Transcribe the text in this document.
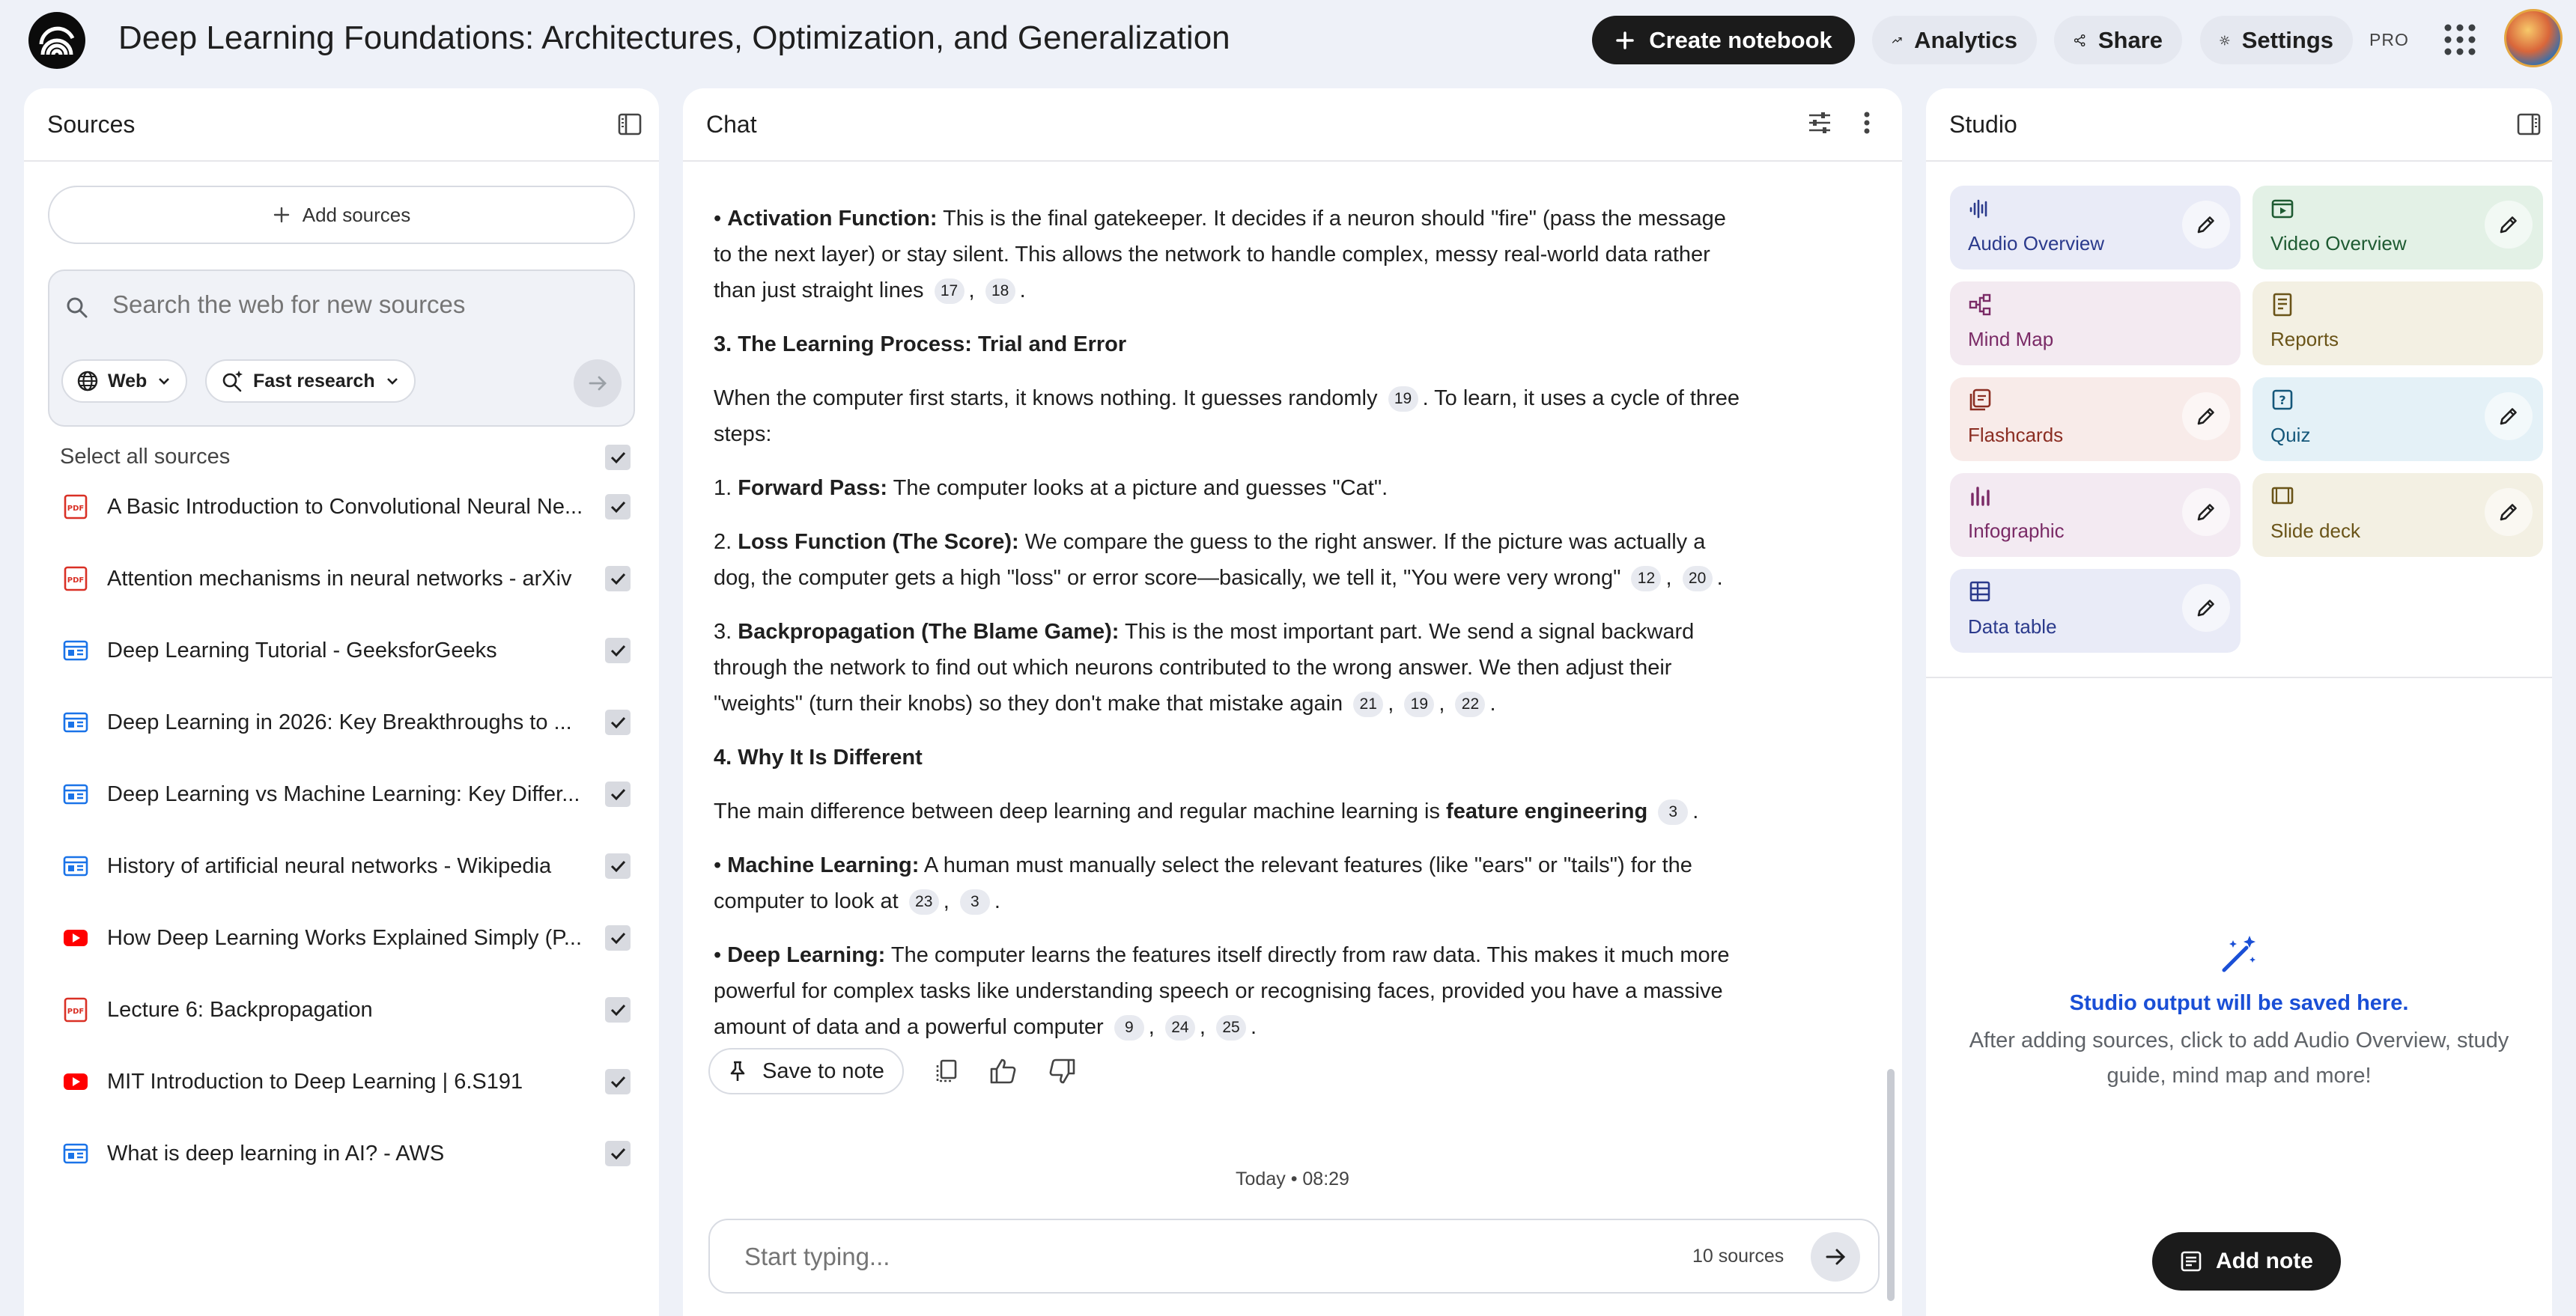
Deep Learning Foundations: Architectures, Optimization, and Generalization	Create notebook	Analytics	Share	Settings PRO
Sources
Add sources
Search the web for new sources
Web	Fast research
Select all sources
PDF A Basic Introduction to Convolutional Neural Ne...
PDF Attention mechanisms in neural networks - arXiv
Deep Learning Tutorial - GeeksforGeeks
Deep Learning in 2026: Key Breakthroughs to ...
Deep Learning vs Machine Learning: Key Differ...
History of artificial neural networks - Wikipedia
How Deep Learning Works Explained Simply (P...
PDF Lecture 6: Backpropagation
MIT Introduction to Deep Learning | 6.S191
What is deep learning in AI? - AWS
Chat

• Activation Function: This is the final gatekeeper. It decides if a neuron should "fire" (pass the message to the next layer) or stay silent. This allows the network to handle complex, messy real-world data rather than just straight lines 17 , 18 .

3. The Learning Process: Trial and Error

When the computer first starts, it knows nothing. It guesses randomly 19 . To learn, it uses a cycle of three steps:

1. Forward Pass: The computer looks at a picture and guesses "Cat".

2. Loss Function (The Score): We compare the guess to the right answer. If the picture was actually a dog, the computer gets a high "loss" or error score—basically, we tell it, "You were very wrong" 12 , 20 .

3. Backpropagation (The Blame Game): This is the most important part. We send a signal backward through the network to find out which neurons contributed to the wrong answer. We then adjust their "weights" (turn their knobs) so they don't make that mistake again 21 , 19 , 22 .

4. Why It Is Different

The main difference between deep learning and regular machine learning is feature engineering 3 .

• Machine Learning: A human must manually select the relevant features (like "ears" or "tails") for the computer to look at 23 , 3 .

• Deep Learning: The computer learns the features itself directly from raw data. This makes it much more powerful for complex tasks like understanding speech or recognising faces, provided you have a massive amount of data and a powerful computer 9 , 24 , 25 .

Save to note
Today • 08:29
Start typing...
10 sources
Studio
Audio Overview	Video Overview
Mind Map	Reports
Flashcards
?
Quiz
Infographic	Slide deck
Data table
Studio output will be saved here.
After adding sources, click to add Audio Overview, study guide, mind map and more!
Add note
